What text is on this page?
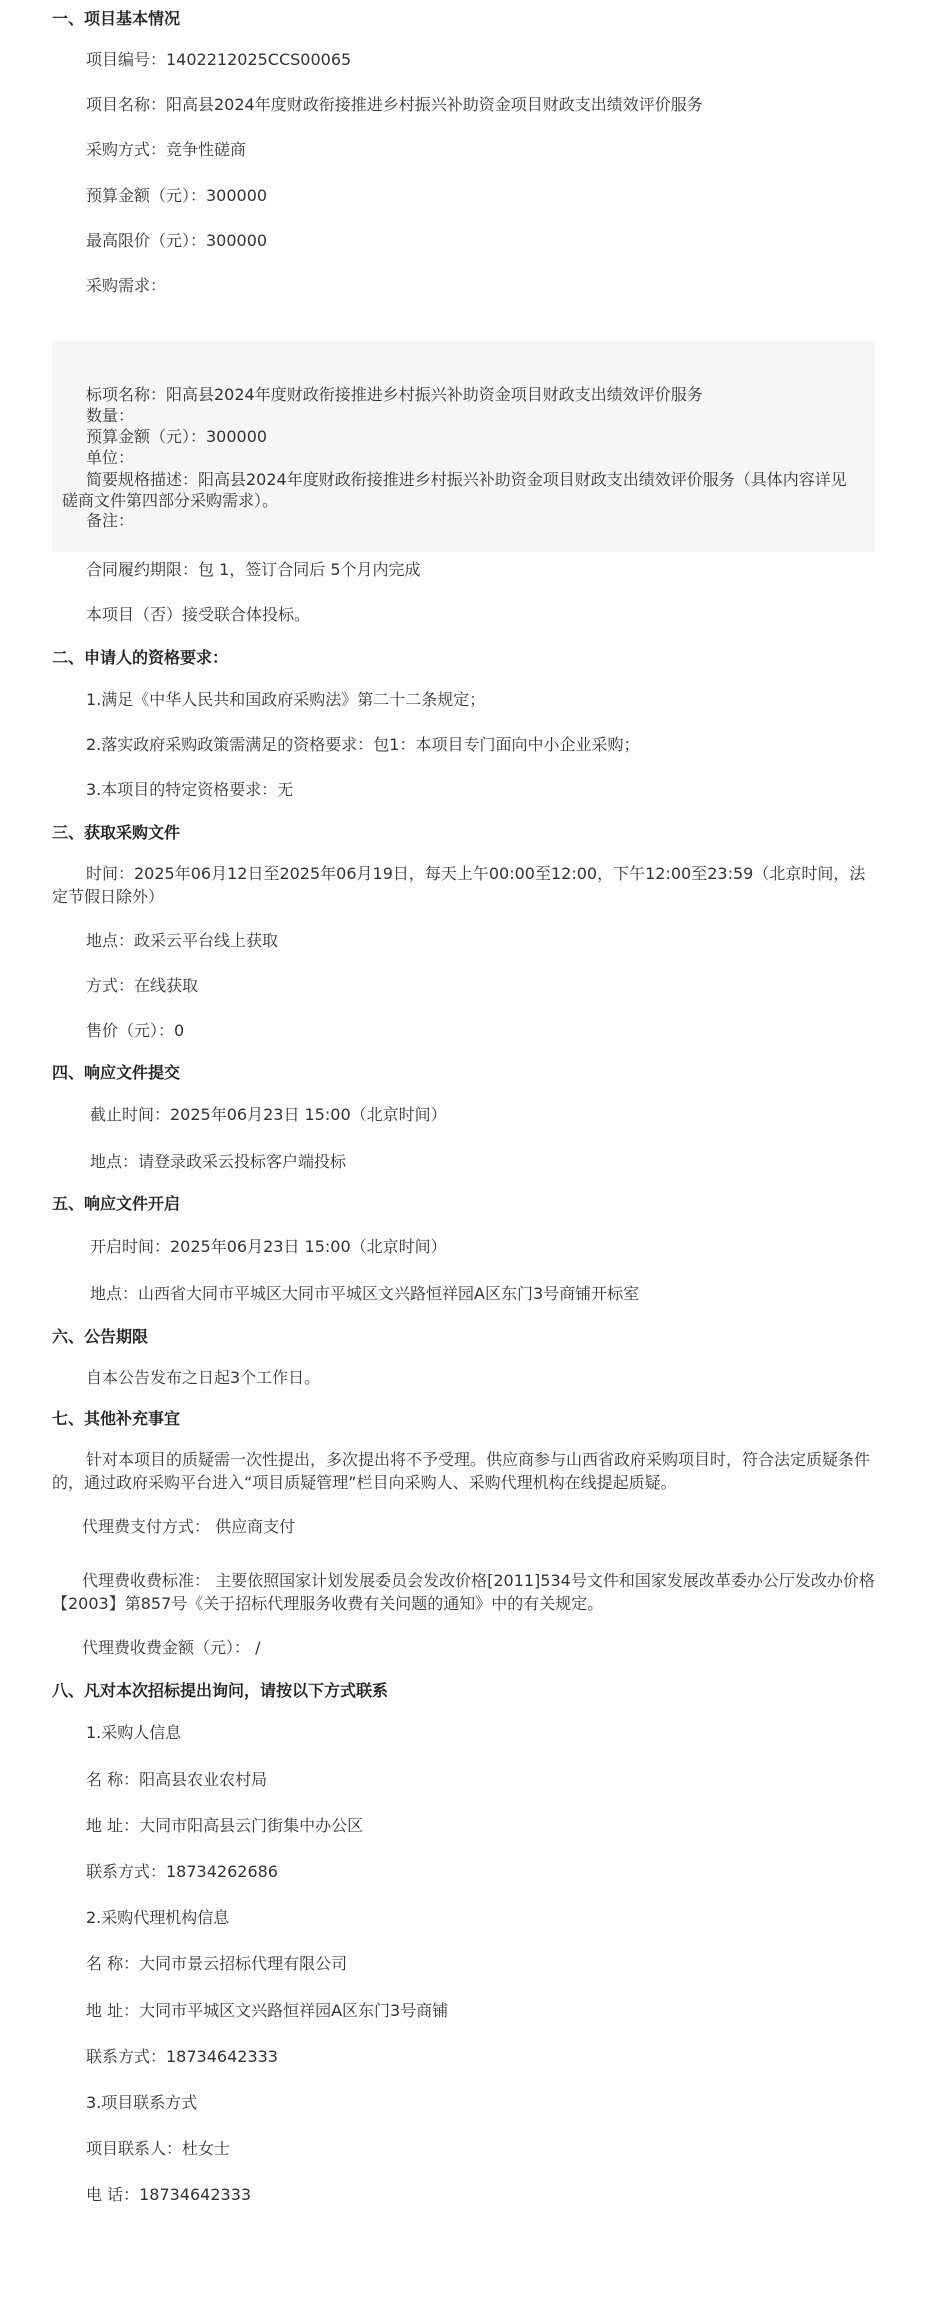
一、项目基本情况
项目编号：1402212025CCS00065
项目名称：阳高县2024年度财政衔接推进乡村振兴补助资金项目财政支出绩效评价服务
采购方式：竞争性磋商
预算金额（元）：300000
最高限价（元）：300000
采购需求：
标项名称：阳高县2024年度财政衔接推进乡村振兴补助资金项目财政支出绩效评价服务
数量：
预算金额（元）：300000
单位：
简要规格描述：阳高县2024年度财政衔接推进乡村振兴补助资金项目财政支出绩效评价服务（具体内容详见磋商文件第四部分采购需求）。
备注：
合同履约期限：包 1，签订合同后 5个月内完成
本项目（否）接受联合体投标。
二、申请人的资格要求：
1.满足《中华人民共和国政府采购法》第二十二条规定；
2.落实政府采购政策需满足的资格要求：包1：本项目专门面向中小企业采购；
3.本项目的特定资格要求：无
三、获取采购文件
时间：2025年06月12日至2025年06月19日，每天上午00:00至12:00，下午12:00至23:59（北京时间，法定节假日除外）
地点：政采云平台线上获取
方式：在线获取
售价（元）：0
四、响应文件提交
截止时间：2025年06月23日 15:00（北京时间）
地点：请登录政采云投标客户端投标
五、响应文件开启
开启时间：2025年06月23日 15:00（北京时间）
地点：山西省大同市平城区大同市平城区文兴路恒祥园A区东门3号商铺开标室
六、公告期限
自本公告发布之日起3个工作日。
七、其他补充事宜
针对本项目的质疑需一次性提出，多次提出将不予受理。供应商参与山西省政府采购项目时，符合法定质疑条件的，通过政府采购平台进入“项目质疑管理”栏目向采购人、采购代理机构在线提起质疑。
代理费支付方式： 供应商支付
代理费收费标准： 主要依照国家计划发展委员会发改价格[2011]534号文件和国家发展改革委办公厅发改办价格【2003】第857号《关于招标代理服务收费有关问题的通知》中的有关规定。
代理费收费金额（元）： /
八、凡对本次招标提出询问，请按以下方式联系
1.采购人信息
名 称：阳高县农业农村局
地 址：大同市阳高县云门街集中办公区
联系方式：18734262686
2.采购代理机构信息
名 称：大同市景云招标代理有限公司
地 址：大同市平城区文兴路恒祥园A区东门3号商铺
联系方式：18734642333
3.项目联系方式
项目联系人：杜女士
电 话：18734642333
